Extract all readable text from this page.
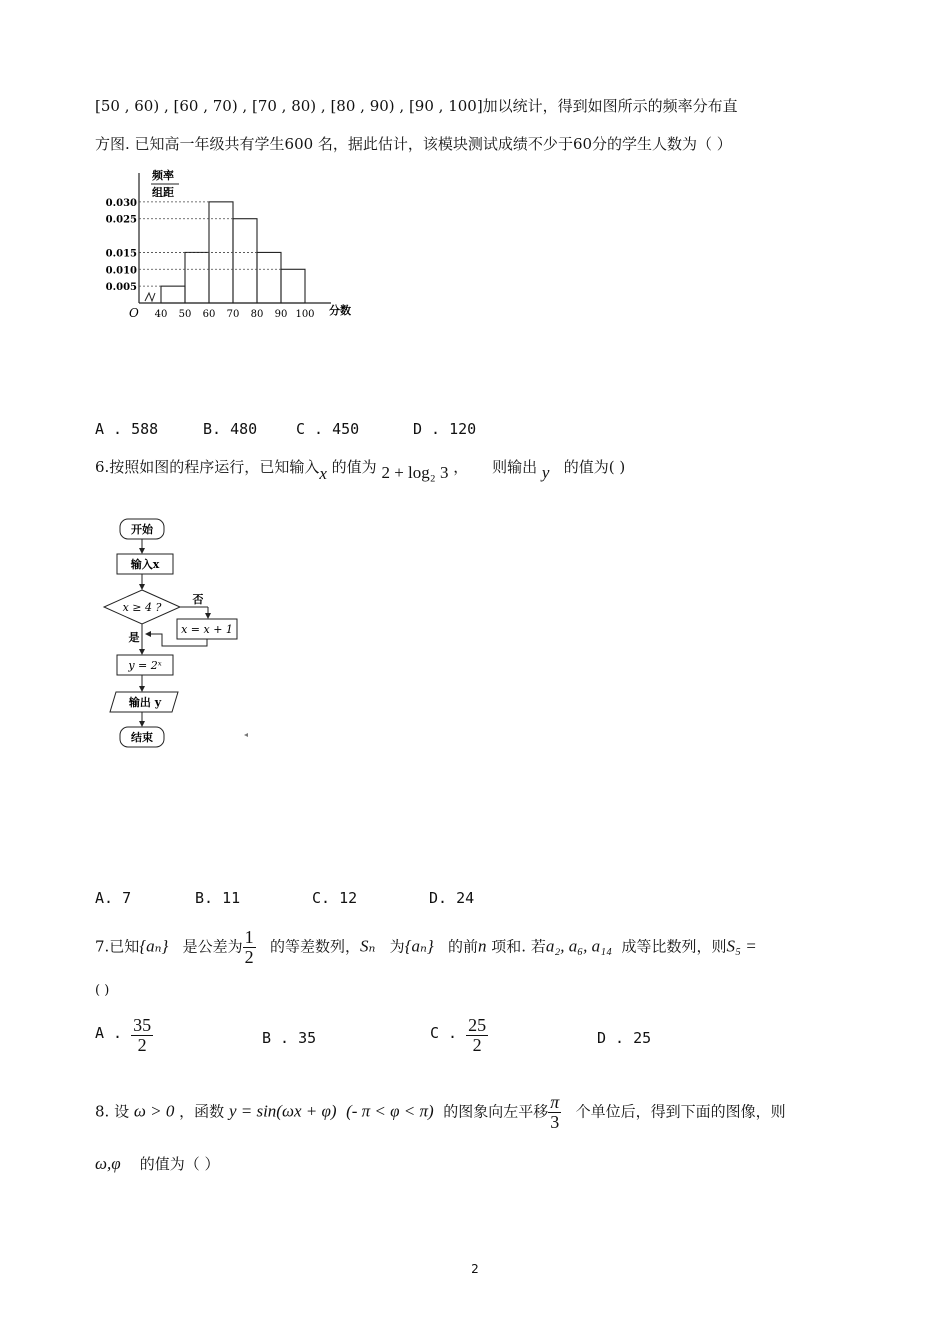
[50 , 60) , [60 , 70) , [70 , 80) , [80 , 90) , [90 , 100]加以统计，得到如图所示的频率分布直
方图. 已知高一年级共有学生600 名，据此估计，该模块测试成绩不少于60分的学生人数为（ ）
频率
组距
O	分数
0.030
0.025
0.015
0.010
0.005
40 50 60 70 80 90 100
A . 588	B. 480	C . 450	D . 120
6.按照如图的程序运行，已知输入x 的值为 2 + log₂ 3 ， 则输出 y 的值为( )
开始
输入x
x ≥ 4 ?
否
x = x + 1
是
y = 2ˣ
输出 y
结束
A. 7	B. 11	C. 12	D. 24
7.已知{aₙ} 是公差为 $\frac{1}{2}$ 的等差数列，Sₙ 为{aₙ} 的前n 项和. 若a₂, a₆, a₁₄ 成等比数列，则S₅ =
( )
A . $\frac{35}{2}$	B . 35	C . $\frac{25}{2}$	D . 25
8. 设 ω > 0 ，函数 y = sin(ωx + φ) (- π < φ < π) 的图象向左平移 $\frac{\pi}{3}$ 个单位后，得到下面的图像，则
ω,φ 的值为（ ）
2
